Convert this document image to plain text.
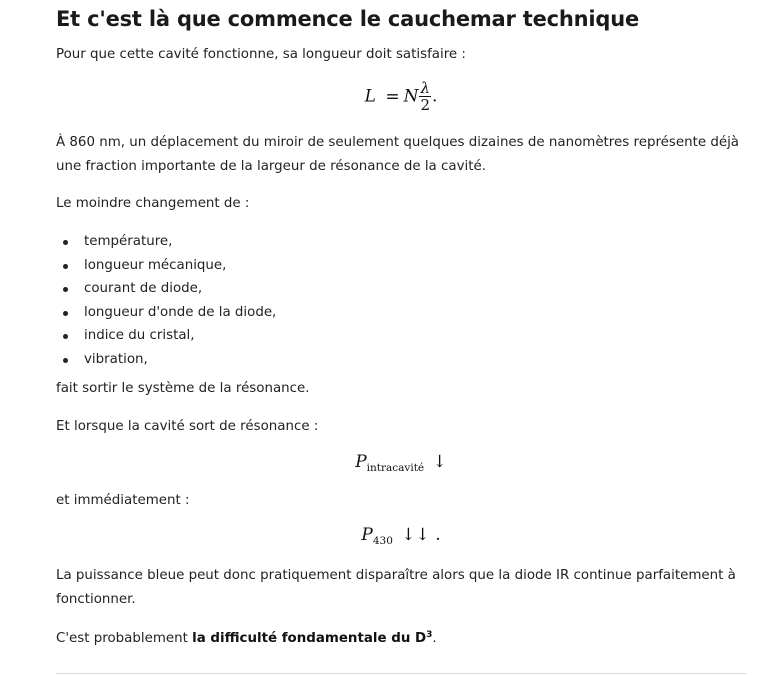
Et c'est là que commence le cauchemar technique
Pour que cette cavité fonctionne, sa longueur doit satisfaire :
L = N $\frac{\lambda}{2}$ .
À 860 nm, un déplacement du miroir de seulement quelques dizaines de nanomètres représente déjà une fraction importante de la largeur de résonance de la cavité.
Le moindre changement de :
température,
longueur mécanique,
courant de diode,
longueur d'onde de la diode,
indice du cristal,
vibration,
fait sortir le système de la résonance.
Et lorsque la cavité sort de résonance :
$P_{intracavité}$ ↓
et immédiatement :
$P_{430}$ ↓↓ .
La puissance bleue peut donc pratiquement disparaître alors que la diode IR continue parfaitement à fonctionner.
C'est probablement la difficulté fondamentale du $D^3$.
